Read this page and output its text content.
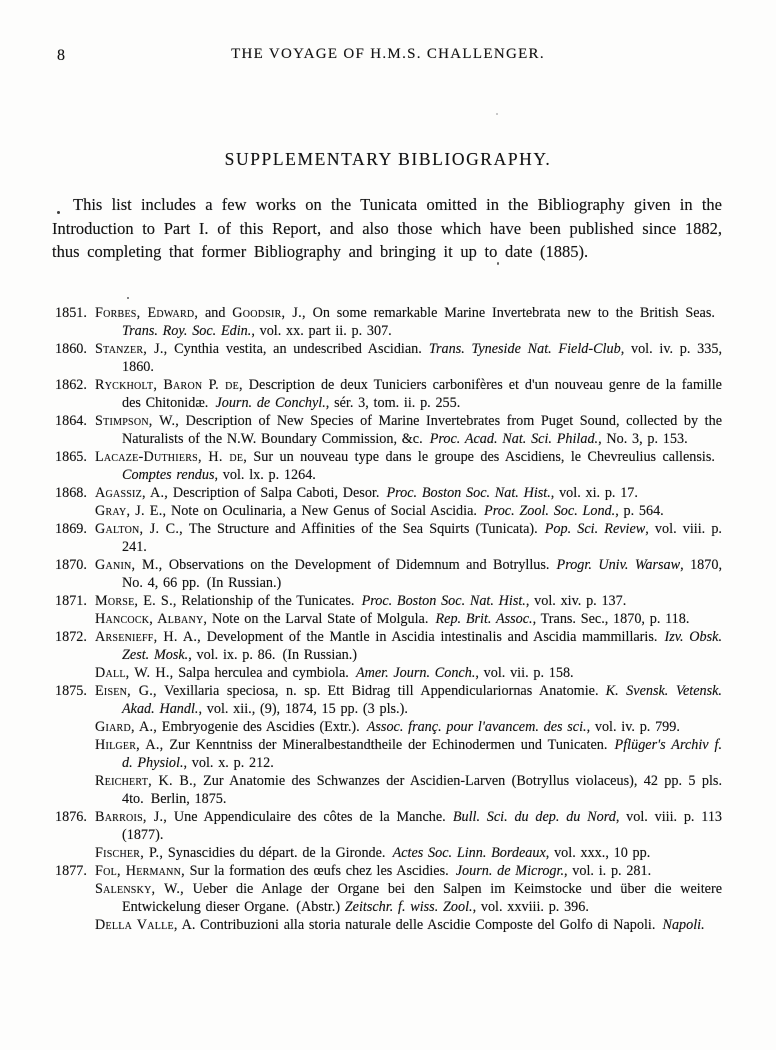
8	THE VOYAGE OF H.M.S. CHALLENGER.
SUPPLEMENTARY BIBLIOGRAPHY.

This list includes a few works on the Tunicata omitted in the Bibliography given in the Introduction to Part I. of this Report, and also those which have been published since 1882, thus completing that former Bibliography and bringing it up to date (1885).

1851. Forbes, Edward, and Goodsir, J., On some remarkable Marine Invertebrata new to the British Seas. Trans. Roy. Soc. Edin., vol. xx. part ii. p. 307.
1860. Stanzer, J., Cynthia vestita, an undescribed Ascidian. Trans. Tyneside Nat. Field-Club, vol. iv. p. 335, 1860.
1862. Ryckholt, Baron P. de, Description de deux Tuniciers carbonifères et d'un nouveau genre de la famille des Chitonidæ. Journ. de Conchyl., sér. 3, tom. ii. p. 255.
1864. Stimpson, W., Description of New Species of Marine Invertebrates from Puget Sound, collected by the Naturalists of the N.W. Boundary Commission, &c. Proc. Acad. Nat. Sci. Philad., No. 3, p. 153.
1865. Lacaze-Duthiers, H. de, Sur un nouveau type dans le groupe des Ascidiens, le Chevreulius callensis. Comptes rendus, vol. lx. p. 1264.
1868. Agassiz, A., Description of Salpa Caboti, Desor. Proc. Boston Soc. Nat. Hist., vol. xi. p. 17.
Gray, J. E., Note on Oculinaria, a New Genus of Social Ascidia. Proc. Zool. Soc. Lond., p. 564.
1869. Galton, J. C., The Structure and Affinities of the Sea Squirts (Tunicata). Pop. Sci. Review, vol. viii. p. 241.
1870. Ganin, M., Observations on the Development of Didemnum and Botryllus. Progr. Univ. Warsaw, 1870, No. 4, 66 pp. (In Russian.)
1871. Morse, E. S., Relationship of the Tunicates. Proc. Boston Soc. Nat. Hist., vol. xiv. p. 137.
Hancock, Albany, Note on the Larval State of Molgula. Rep. Brit. Assoc., Trans. Sec., 1870, p. 118.
1872. Arsenieff, H. A., Development of the Mantle in Ascidia intestinalis and Ascidia mammillaris. Izv. Obsk. Zest. Mosk., vol. ix. p. 86. (In Russian.)
Dall, W. H., Salpa herculea and cymbiola. Amer. Journ. Conch., vol. vii. p. 158.
1875. Eisen, G., Vexillaria speciosa, n. sp. Ett Bidrag till Appendiculariornas Anatomie. K. Svensk. Vetensk. Akad. Handl., vol. xii., (9), 1874, 15 pp. (3 pls.).
Giard, A., Embryogenie des Ascidies (Extr.). Assoc. franç. pour l'avancem. des sci., vol. iv. p. 799.
Hilger, A., Zur Kenntniss der Mineralbestandtheile der Echinodermen und Tunicaten. Pflüger's Archiv f. d. Physiol., vol. x. p. 212.
Reichert, K. B., Zur Anatomie des Schwanzes der Ascidien-Larven (Botryllus violaceus), 42 pp. 5 pls. 4to. Berlin, 1875.
1876. Barrois, J., Une Appendiculaire des côtes de la Manche. Bull. Sci. du dep. du Nord, vol. viii. p. 113 (1877).
Fischer, P., Synascidies du départ. de la Gironde. Actes Soc. Linn. Bordeaux, vol. xxx., 10 pp.
1877. Fol, Hermann, Sur la formation des œufs chez les Ascidies. Journ. de Microgr., vol. i. p. 281.
Salensky, W., Ueber die Anlage der Organe bei den Salpen im Keimstocke und über die weitere Entwickelung dieser Organe. (Abstr.) Zeitschr. f. wiss. Zool., vol. xxviii. p. 396.
Della Valle, A. Contribuzioni alla storia naturale delle Ascidie Composte del Golfo di Napoli. Napoli.
